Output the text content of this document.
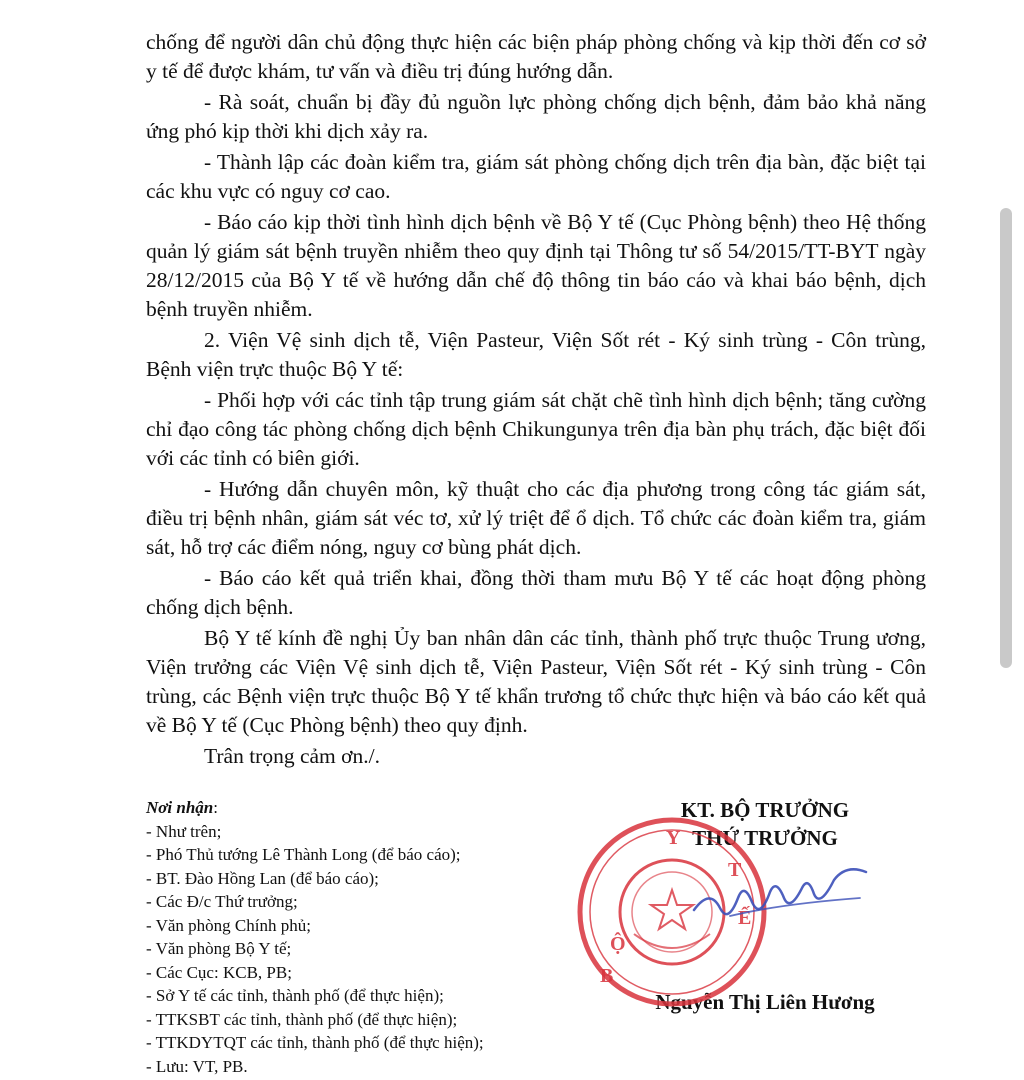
chống để người dân chủ động thực hiện các biện pháp phòng chống và kịp thời đến cơ sở y tế để được khám, tư vấn và điều trị đúng hướng dẫn.

- Rà soát, chuẩn bị đầy đủ nguồn lực phòng chống dịch bệnh, đảm bảo khả năng ứng phó kịp thời khi dịch xảy ra.

- Thành lập các đoàn kiểm tra, giám sát phòng chống dịch trên địa bàn, đặc biệt tại các khu vực có nguy cơ cao.

- Báo cáo kịp thời tình hình dịch bệnh về Bộ Y tế (Cục Phòng bệnh) theo Hệ thống quản lý giám sát bệnh truyền nhiễm theo quy định tại Thông tư số 54/2015/TT-BYT ngày 28/12/2015 của Bộ Y tế về hướng dẫn chế độ thông tin báo cáo và khai báo bệnh, dịch bệnh truyền nhiễm.

2. Viện Vệ sinh dịch tễ, Viện Pasteur, Viện Sốt rét - Ký sinh trùng - Côn trùng, Bệnh viện trực thuộc Bộ Y tế:

- Phối hợp với các tỉnh tập trung giám sát chặt chẽ tình hình dịch bệnh; tăng cường chỉ đạo công tác phòng chống dịch bệnh Chikungunya trên địa bàn phụ trách, đặc biệt đối với các tỉnh có biên giới.

- Hướng dẫn chuyên môn, kỹ thuật cho các địa phương trong công tác giám sát, điều trị bệnh nhân, giám sát véc tơ, xử lý triệt để ổ dịch. Tổ chức các đoàn kiểm tra, giám sát, hỗ trợ các điểm nóng, nguy cơ bùng phát dịch.

- Báo cáo kết quả triển khai, đồng thời tham mưu Bộ Y tế các hoạt động phòng chống dịch bệnh.

Bộ Y tế kính đề nghị Ủy ban nhân dân các tỉnh, thành phố trực thuộc Trung ương, Viện trưởng các Viện Vệ sinh dịch tễ, Viện Pasteur, Viện Sốt rét - Ký sinh trùng - Côn trùng, các Bệnh viện trực thuộc Bộ Y tế khẩn trương tổ chức thực hiện và báo cáo kết quả về Bộ Y tế (Cục Phòng bệnh) theo quy định.

Trân trọng cảm ơn./.

Nơi nhận:
- Như trên;
- Phó Thủ tướng Lê Thành Long (để báo cáo);
- BT. Đào Hồng Lan (để báo cáo);
- Các Đ/c Thứ trưởng;
- Văn phòng Chính phủ;
- Văn phòng Bộ Y tế;
- Các Cục: KCB, PB;
- Sở Y tế các tỉnh, thành phố (để thực hiện);
- TTKSBT các tỉnh, thành phố (để thực hiện);
- TTKDYTQT các tỉnh, thành phố (để thực hiện);
- Lưu: VT, PB.
KT. BỘ TRƯỞNG
THỨ TRƯỞNG
Nguyễn Thị Liên Hương
Ộ
B
Y
T
Ế
